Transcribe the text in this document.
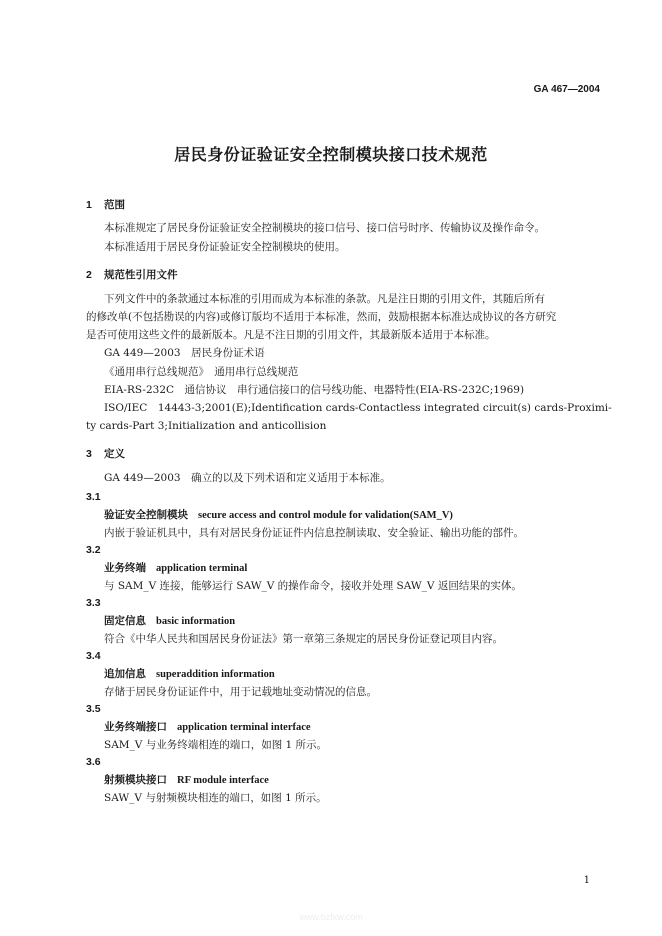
GA 467—2004
居民身份证验证安全控制模块接口技术规范
1 范围
本标准规定了居民身份证验证安全控制模块的接口信号、接口信号时序、传输协议及操作命令。
本标准适用于居民身份证验证安全控制模块的使用。
2 规范性引用文件
下列文件中的条款通过本标准的引用而成为本标准的条款。凡是注日期的引用文件，其随后所有
的修改单(不包括勘误的内容)或修订版均不适用于本标准，然而，鼓励根据本标准达成协议的各方研究
是否可使用这些文件的最新版本。凡是不注日期的引用文件，其最新版本适用于本标准。
GA 449—2003　居民身份证术语
《通用串行总线规范》　通用串行总线规范
EIA-RS-232C　通信协议　串行通信接口的信号线功能、电器特性(EIA-RS-232C;1969)
ISO/IEC　14443-3;2001(E);Identification cards-Contactless integrated circuit(s) cards-Proximi-
ty cards-Part 3;Initialization and anticollision
3 定义
GA 449—2003　确立的以及下列术语和定义适用于本标准。
3.1
验证安全控制模块 secure access and control module for validation(SAM_V)
内嵌于验证机具中，具有对居民身份证证件内信息控制读取、安全验证、输出功能的部件。
3.2
业务终端 application terminal
与 SAM_V 连接，能够运行 SAW_V 的操作命令，接收并处理 SAW_V 返回结果的实体。
3.3
固定信息 basic information
符合《中华人民共和国居民身份证法》第一章第三条规定的居民身份证登记项目内容。
3.4
追加信息 superaddition information
存储于居民身份证证件中，用于记载地址变动情况的信息。
3.5
业务终端接口 application terminal interface
SAM_V 与业务终端相连的端口，如图 1 所示。
3.6
射频模块接口 RF module interface
SAW_V 与射频模块相连的端口，如图 1 所示。
1
www.bzfxw.com
